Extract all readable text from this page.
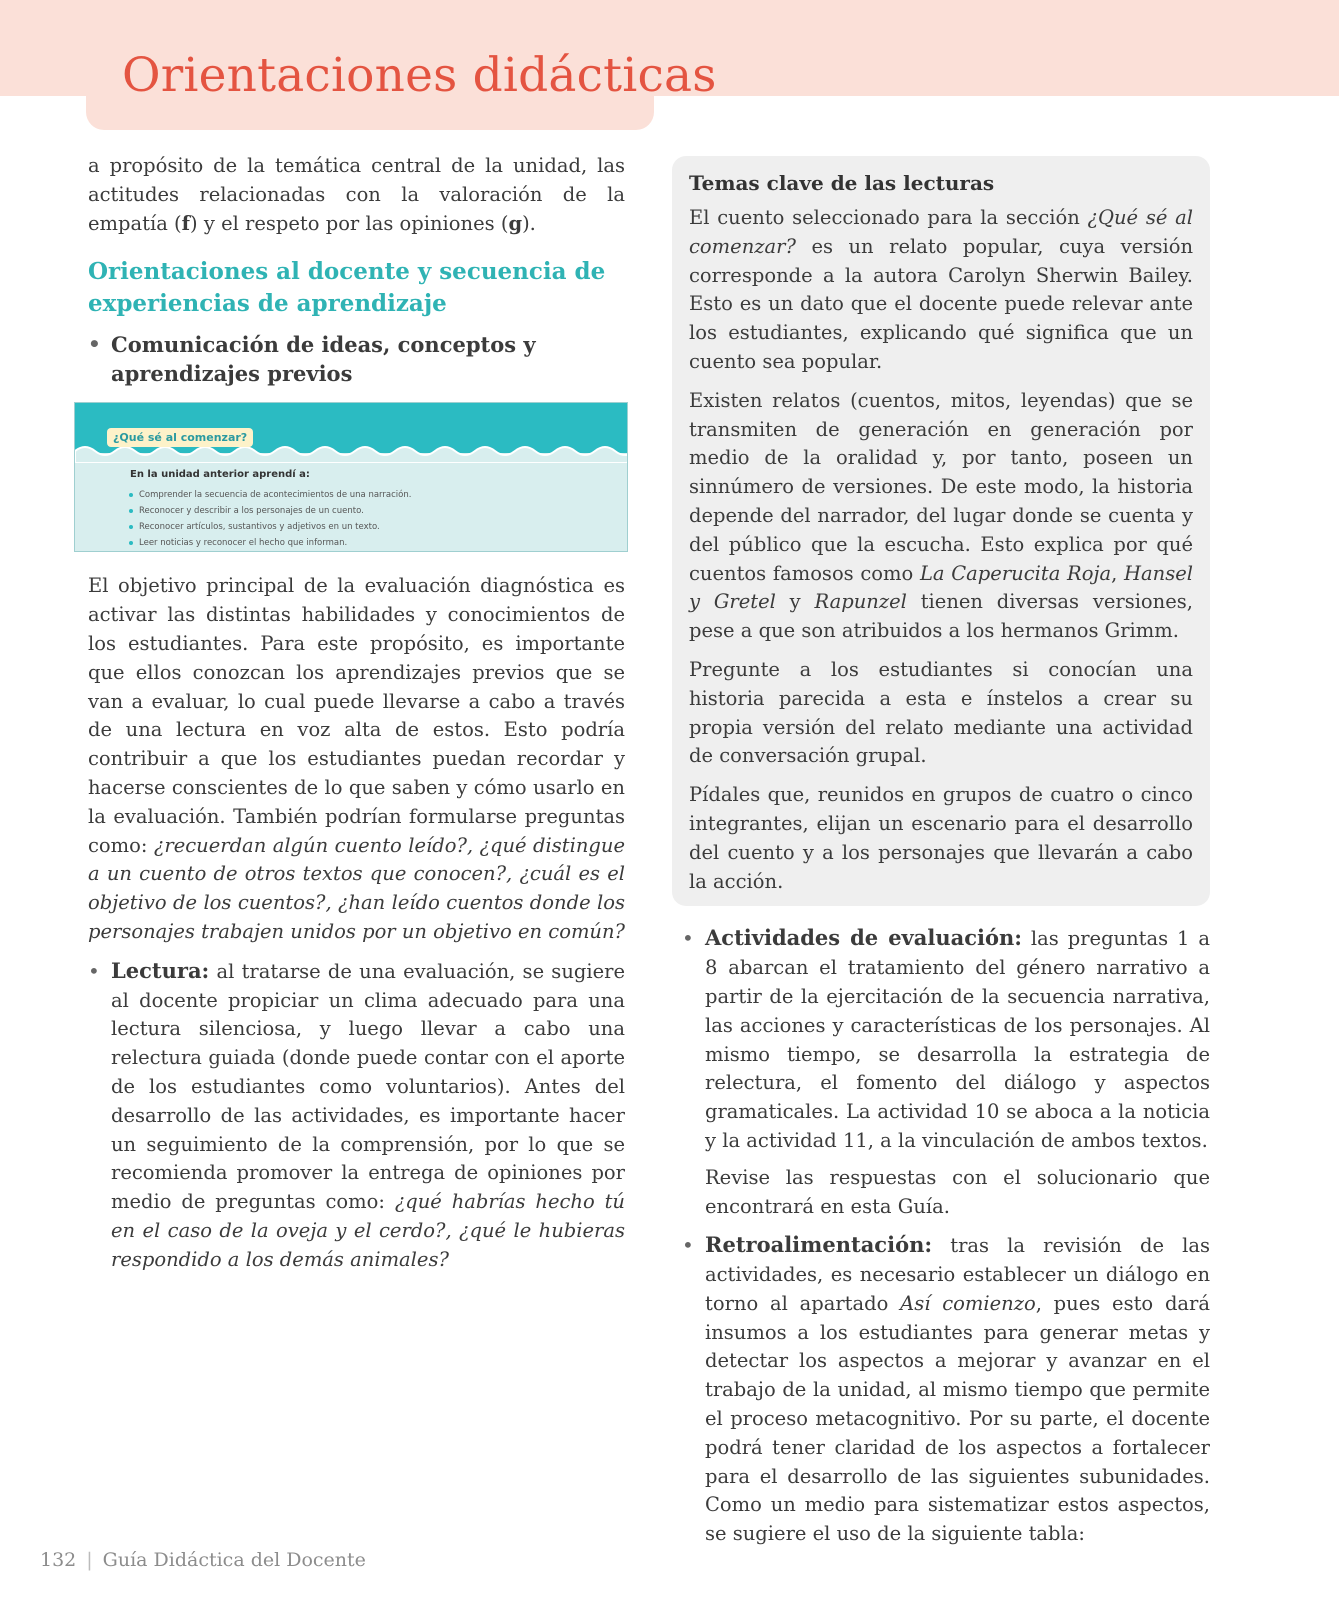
Orientaciones didácticas

a propósito de la temática central de la unidad, las actitudes relacionadas con la valoración de la empatía (f) y el respeto por las opiniones (g).

Orientaciones al docente y secuencia de experiencias de aprendizaje
• Comunicación de ideas, conceptos y aprendizajes previos
¿Qué sé al comenzar?
En la unidad anterior aprendí a:
Comprender la secuencia de acontecimientos de una narración.
Reconocer y describir a los personajes de un cuento.
Reconocer artículos, sustantivos y adjetivos en un texto.
Leer noticias y reconocer el hecho que informan.

El objetivo principal de la evaluación diagnóstica es activar las distintas habilidades y conocimientos de los estudiantes. Para este propósito, es importante que ellos conozcan los aprendizajes previos que se van a evaluar, lo cual puede llevarse a cabo a través de una lectura en voz alta de estos. Esto podría contribuir a que los estudiantes puedan recordar y hacerse conscientes de lo que saben y cómo usarlo en la evaluación. También podrían formularse preguntas como: ¿recuerdan algún cuento leído?, ¿qué distingue a un cuento de otros textos que conocen?, ¿cuál es el objetivo de los cuentos?, ¿han leído cuentos donde los personajes trabajen unidos por un objetivo en común?

• Lectura: al tratarse de una evaluación, se sugiere al docente propiciar un clima adecuado para una lectura silenciosa, y luego llevar a cabo una relectura guiada (donde puede contar con el aporte de los estudiantes como voluntarios). Antes del desarrollo de las actividades, es importante hacer un seguimiento de la comprensión, por lo que se recomienda promover la entrega de opiniones por medio de preguntas como: ¿qué habrías hecho tú en el caso de la oveja y el cerdo?, ¿qué le hubieras respondido a los demás animales?
Temas clave de las lecturas

El cuento seleccionado para la sección ¿Qué sé al comenzar? es un relato popular, cuya versión corresponde a la autora Carolyn Sherwin Bailey. Esto es un dato que el docente puede relevar ante los estudiantes, explicando qué significa que un cuento sea popular.

Existen relatos (cuentos, mitos, leyendas) que se transmiten de generación en generación por medio de la oralidad y, por tanto, poseen un sinnúmero de versiones. De este modo, la historia depende del narrador, del lugar donde se cuenta y del público que la escucha. Esto explica por qué cuentos famosos como La Caperucita Roja, Hansel y Gretel y Rapunzel tienen diversas versiones, pese a que son atribuidos a los hermanos Grimm.

Pregunte a los estudiantes si conocían una historia parecida a esta e ínstelos a crear su propia versión del relato mediante una actividad de conversación grupal.

Pídales que, reunidos en grupos de cuatro o cinco integrantes, elijan un escenario para el desarrollo del cuento y a los personajes que llevarán a cabo la acción.

• Actividades de evaluación: las preguntas 1 a 8 abarcan el tratamiento del género narrativo a partir de la ejercitación de la secuencia narrativa, las acciones y características de los personajes. Al mismo tiempo, se desarrolla la estrategia de relectura, el fomento del diálogo y aspectos gramaticales. La actividad 10 se aboca a la noticia y la actividad 11, a la vinculación de ambos textos.

Revise las respuestas con el solucionario que encontrará en esta Guía.

• Retroalimentación: tras la revisión de las actividades, es necesario establecer un diálogo en torno al apartado Así comienzo, pues esto dará insumos a los estudiantes para generar metas y detectar los aspectos a mejorar y avanzar en el trabajo de la unidad, al mismo tiempo que permite el proceso metacognitivo. Por su parte, el docente podrá tener claridad de los aspectos a fortalecer para el desarrollo de las siguientes subunidades. Como un medio para sistematizar estos aspectos, se sugiere el uso de la siguiente tabla:
132 | Guía Didáctica del Docente
